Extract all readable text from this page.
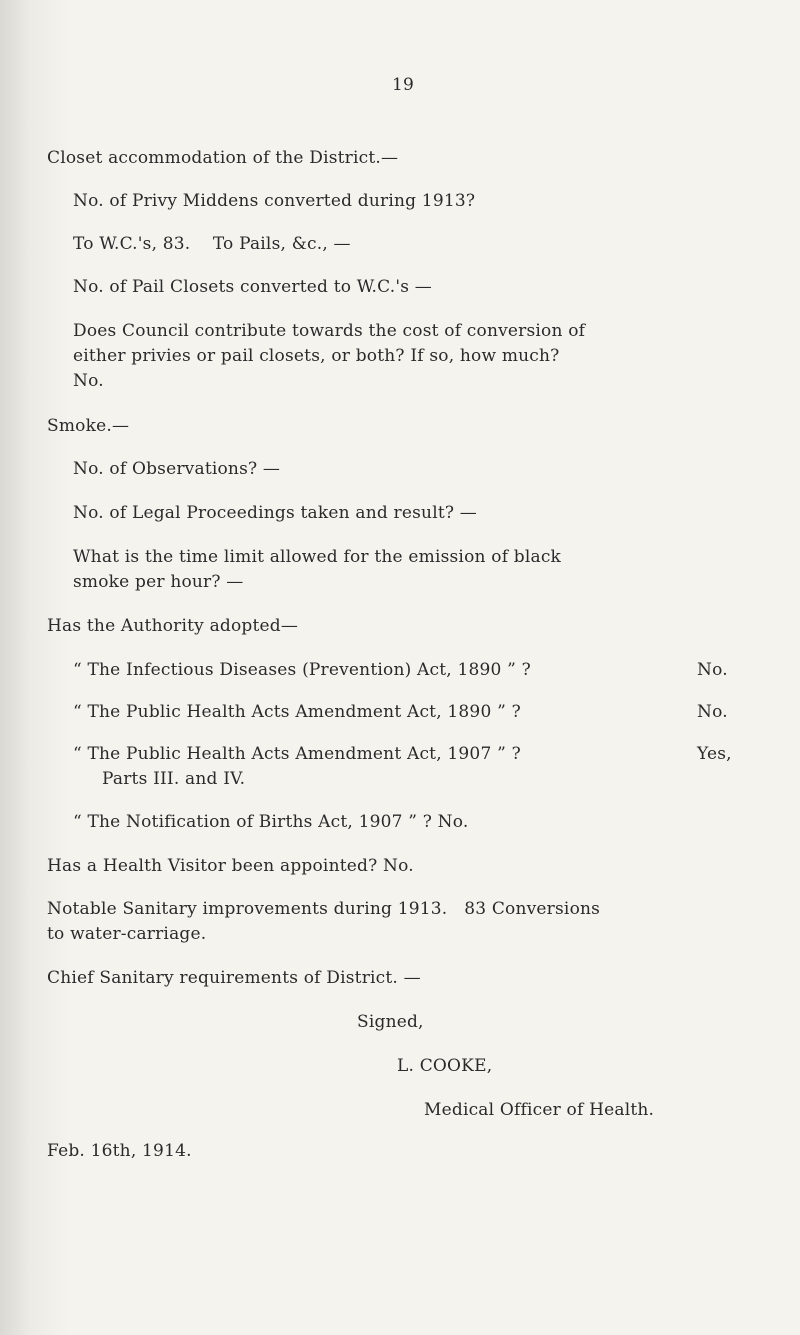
19
Closet accommodation of the District.—
No. of Privy Middens converted during 1913?
To W.C.'s, 83.    To Pails, &c., —
No. of Pail Closets converted to W.C.'s —
Does Council contribute towards the cost of conversion of
either privies or pail closets, or both? If so, how much?
No.
Smoke.—
No. of Observations? —
No. of Legal Proceedings taken and result? —
What is the time limit allowed for the emission of black
smoke per hour? —
Has the Authority adopted—
“ The Infectious Diseases (Prevention) Act, 1890 ” ?	No.
“ The Public Health Acts Amendment Act, 1890 ” ?	No.
“ The Public Health Acts Amendment Act, 1907 ” ?	Yes,
Parts III. and IV.
“ The Notification of Births Act, 1907 ” ? No.
Has a Health Visitor been appointed? No.
Notable Sanitary improvements during 1913.   83 Conversions
to water-carriage.
Chief Sanitary requirements of District. —
Signed,
L. COOKE,
Medical Officer of Health.
Feb. 16th, 1914.
